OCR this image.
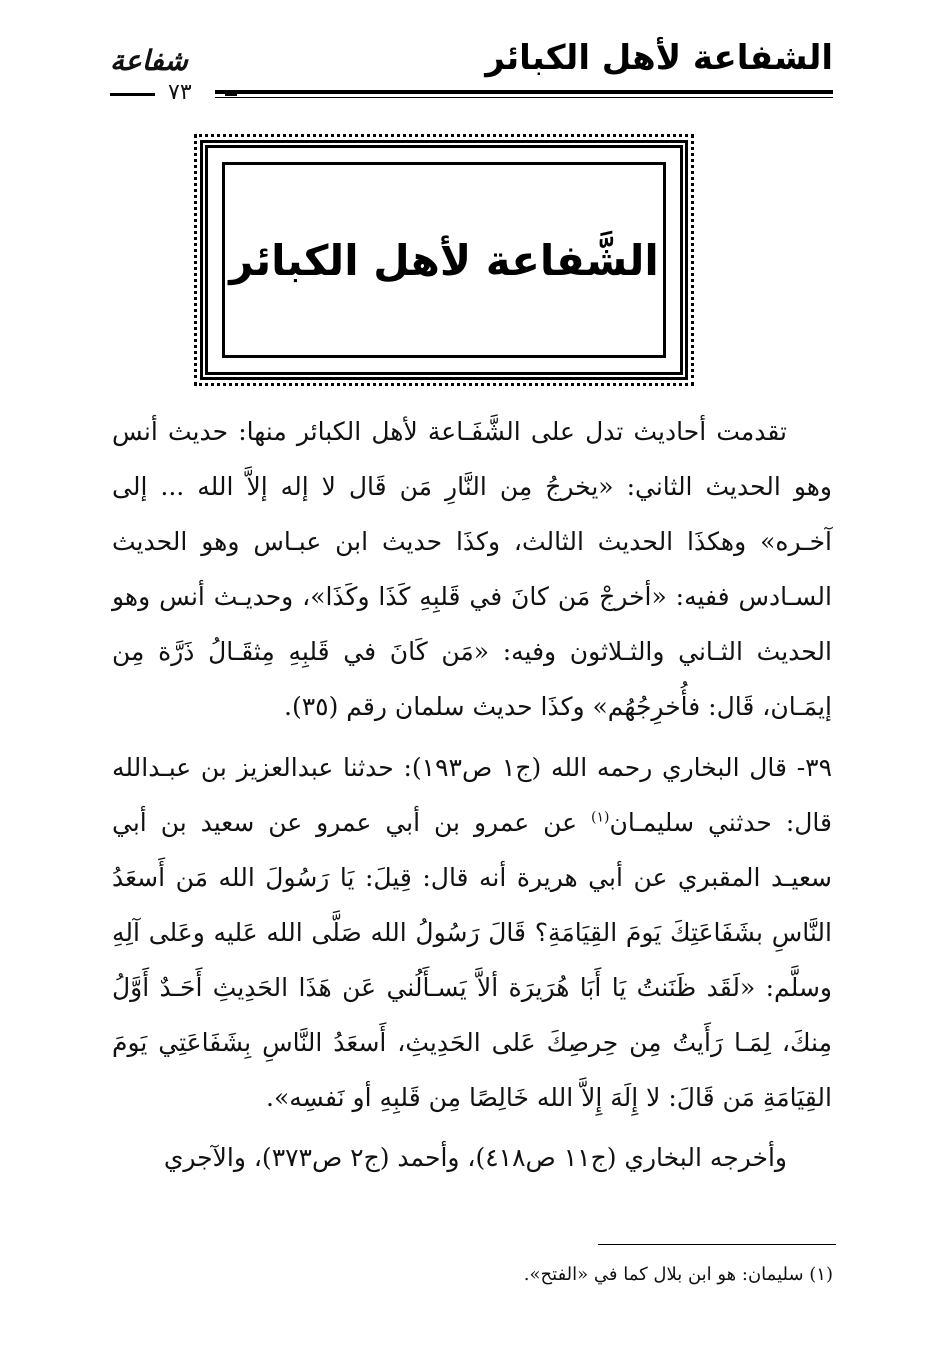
الشفاعة لأهل الكبائر
شفاعة
٧٣
الشَّفاعة لأهل الكبائر
تقدمت أحاديث تدل على الشَّفَـاعة لأهل الكبائر منها: حديث أنس وهو الحديث الثاني: «يخرجُ مِن النَّارِ مَن قَال لا إله إلاَّ الله ... إلى آخـره» وهكذَا الحديث الثالث، وكذَا حديث ابن عبـاس وهو الحديث السـادس ففيه: «أخرجْ مَن كانَ في قَلبِهِ كَذَا وكَذَا»، وحديـث أنس وهو الحديث الثـاني والثـلاثون وفيه: «مَن كَانَ في قَلبِهِ مِثقَـالُ ذَرَّة مِن إيمَـان، قَال: فأُخرِجُهُم» وكذَا حديث سلمان رقم (٣٥).
٣٩- قال البخاري رحمه الله (ج١ ص١٩٣): حدثنا عبدالعزيز بن عبـدالله قال: حدثني سليمـان$^{(١)}$ عن عمرو بن أبي عمرو عن سعيد بن أبي سعيـد المقبري عن أبي هريرة أنه قال: قِيلَ: يَا رَسُولَ الله مَن أَسعَدُ النَّاسِ بشَفَاعَتِكَ يَومَ القِيَامَةِ؟ قَالَ رَسُولُ الله صَلَّى الله عَليه وعَلى آلِهِ وسلَّم: «لَقَد ظَنَنتُ يَا أَبَا هُرَيرَة ألاَّ يَسـأَلُني عَن هَذَا الحَدِيثِ أَحَـدٌ أَوَّلُ مِنكَ، لِمَـا رَأَيتُ مِن حِرصِكَ عَلى الحَدِيثِ، أَسعَدُ النَّاسِ بِشَفَاعَتِي يَومَ القِيَامَةِ مَن قَالَ: لا إِلَهَ إِلاَّ الله خَالِصًا مِن قَلبِهِ أو نَفسِه».
وأخرجه البخاري (ج١١ ص٤١٨)، وأحمد (ج٢ ص٣٧٣)، والآجري
(١) سليمان: هو ابن بلال كما في «الفتح».
